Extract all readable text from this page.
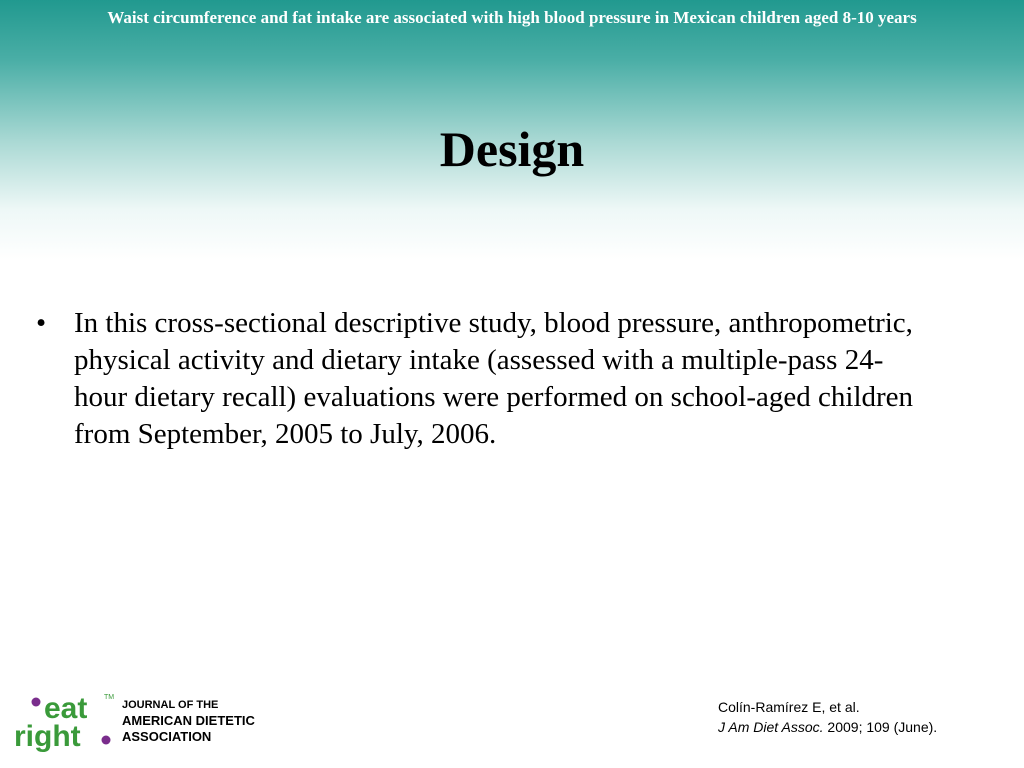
Waist circumference and fat intake are associated with high blood pressure in Mexican children aged 8-10 years
Design
• In this cross-sectional descriptive study, blood pressure, anthropometric, physical activity and dietary intake (assessed with a multiple-pass 24-hour dietary recall) evaluations were performed on school-aged children from September, 2005 to July, 2006.
eat TM
right
JOURNAL OF THE
AMERICAN DIETETIC
ASSOCIATION
Colín-Ramírez E, et al.
J Am Diet Assoc. 2009; 109 (June).
